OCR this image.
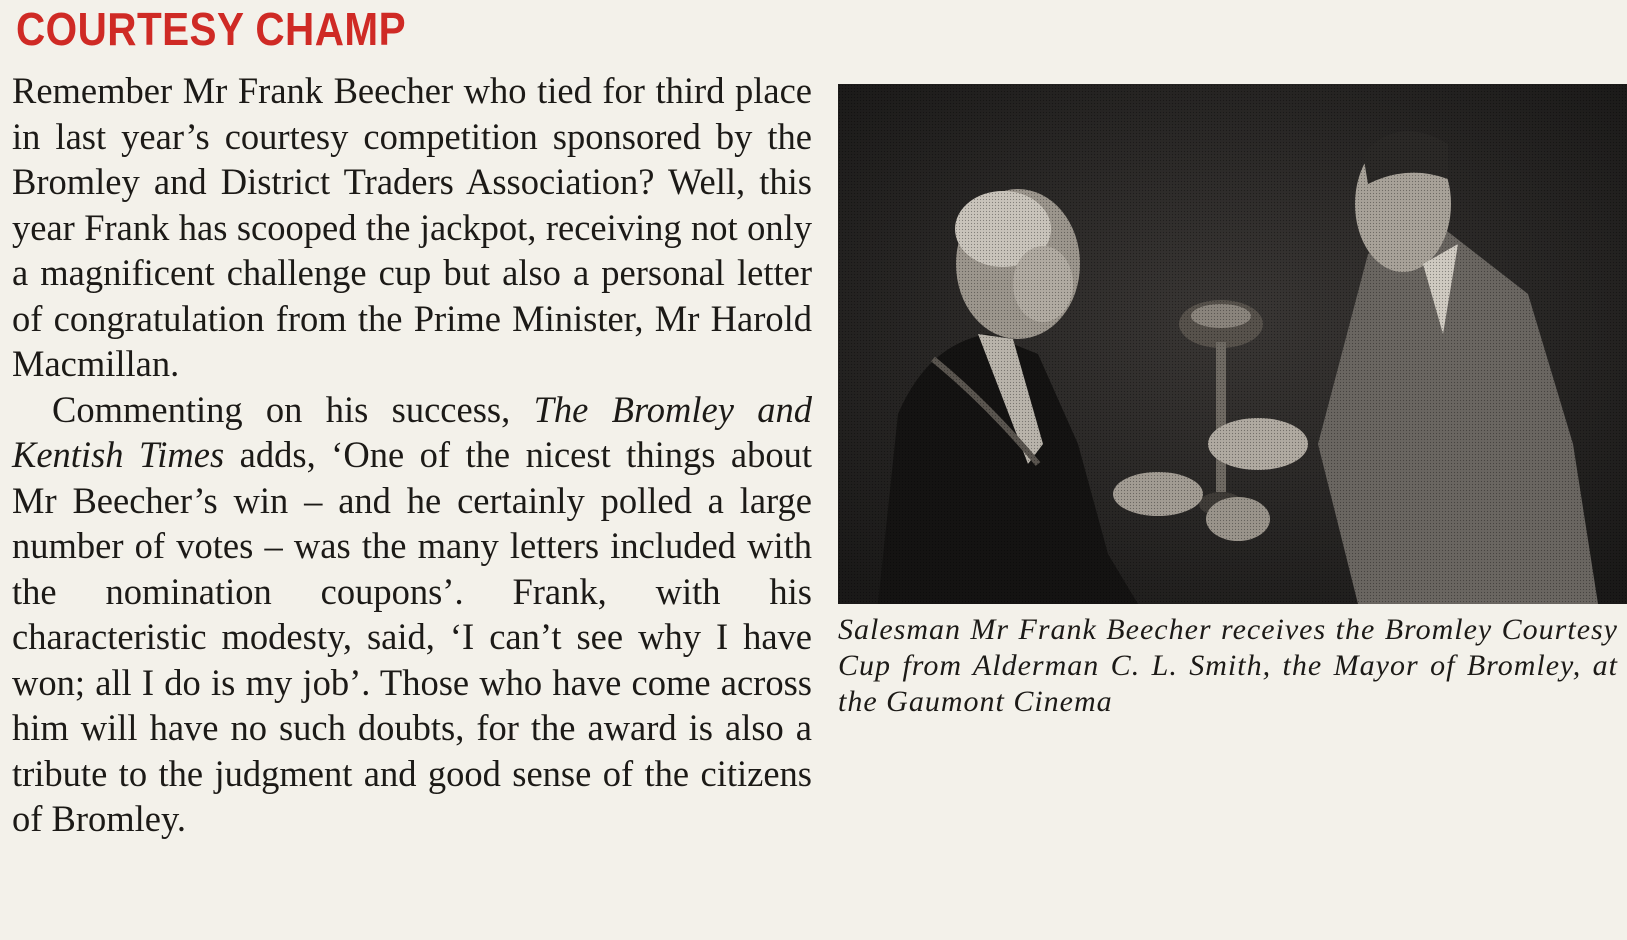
COURTESY CHAMP

Remember Mr Frank Beecher who tied for third place in last year’s courtesy competition sponsored by the Bromley and District Traders Association? Well, this year Frank has scooped the jackpot, receiving not only a magnificent challenge cup but also a personal letter of congratulation from the Prime Minister, Mr Harold Macmillan.

Commenting on his success, The Bromley and Kentish Times adds, ‘One of the nicest things about Mr Beecher’s win – and he certainly polled a large number of votes – was the many letters included with the nomination coupons’. Frank, with his characteristic modesty, said, ‘I can’t see why I have won; all I do is my job’. Those who have come across him will have no such doubts, for the award is also a tribute to the judgment and good sense of the citizens of Bromley.

Salesman Mr Frank Beecher receives the Bromley Courtesy Cup from Alderman C. L. Smith, the Mayor of Bromley, at the Gaumont Cinema
